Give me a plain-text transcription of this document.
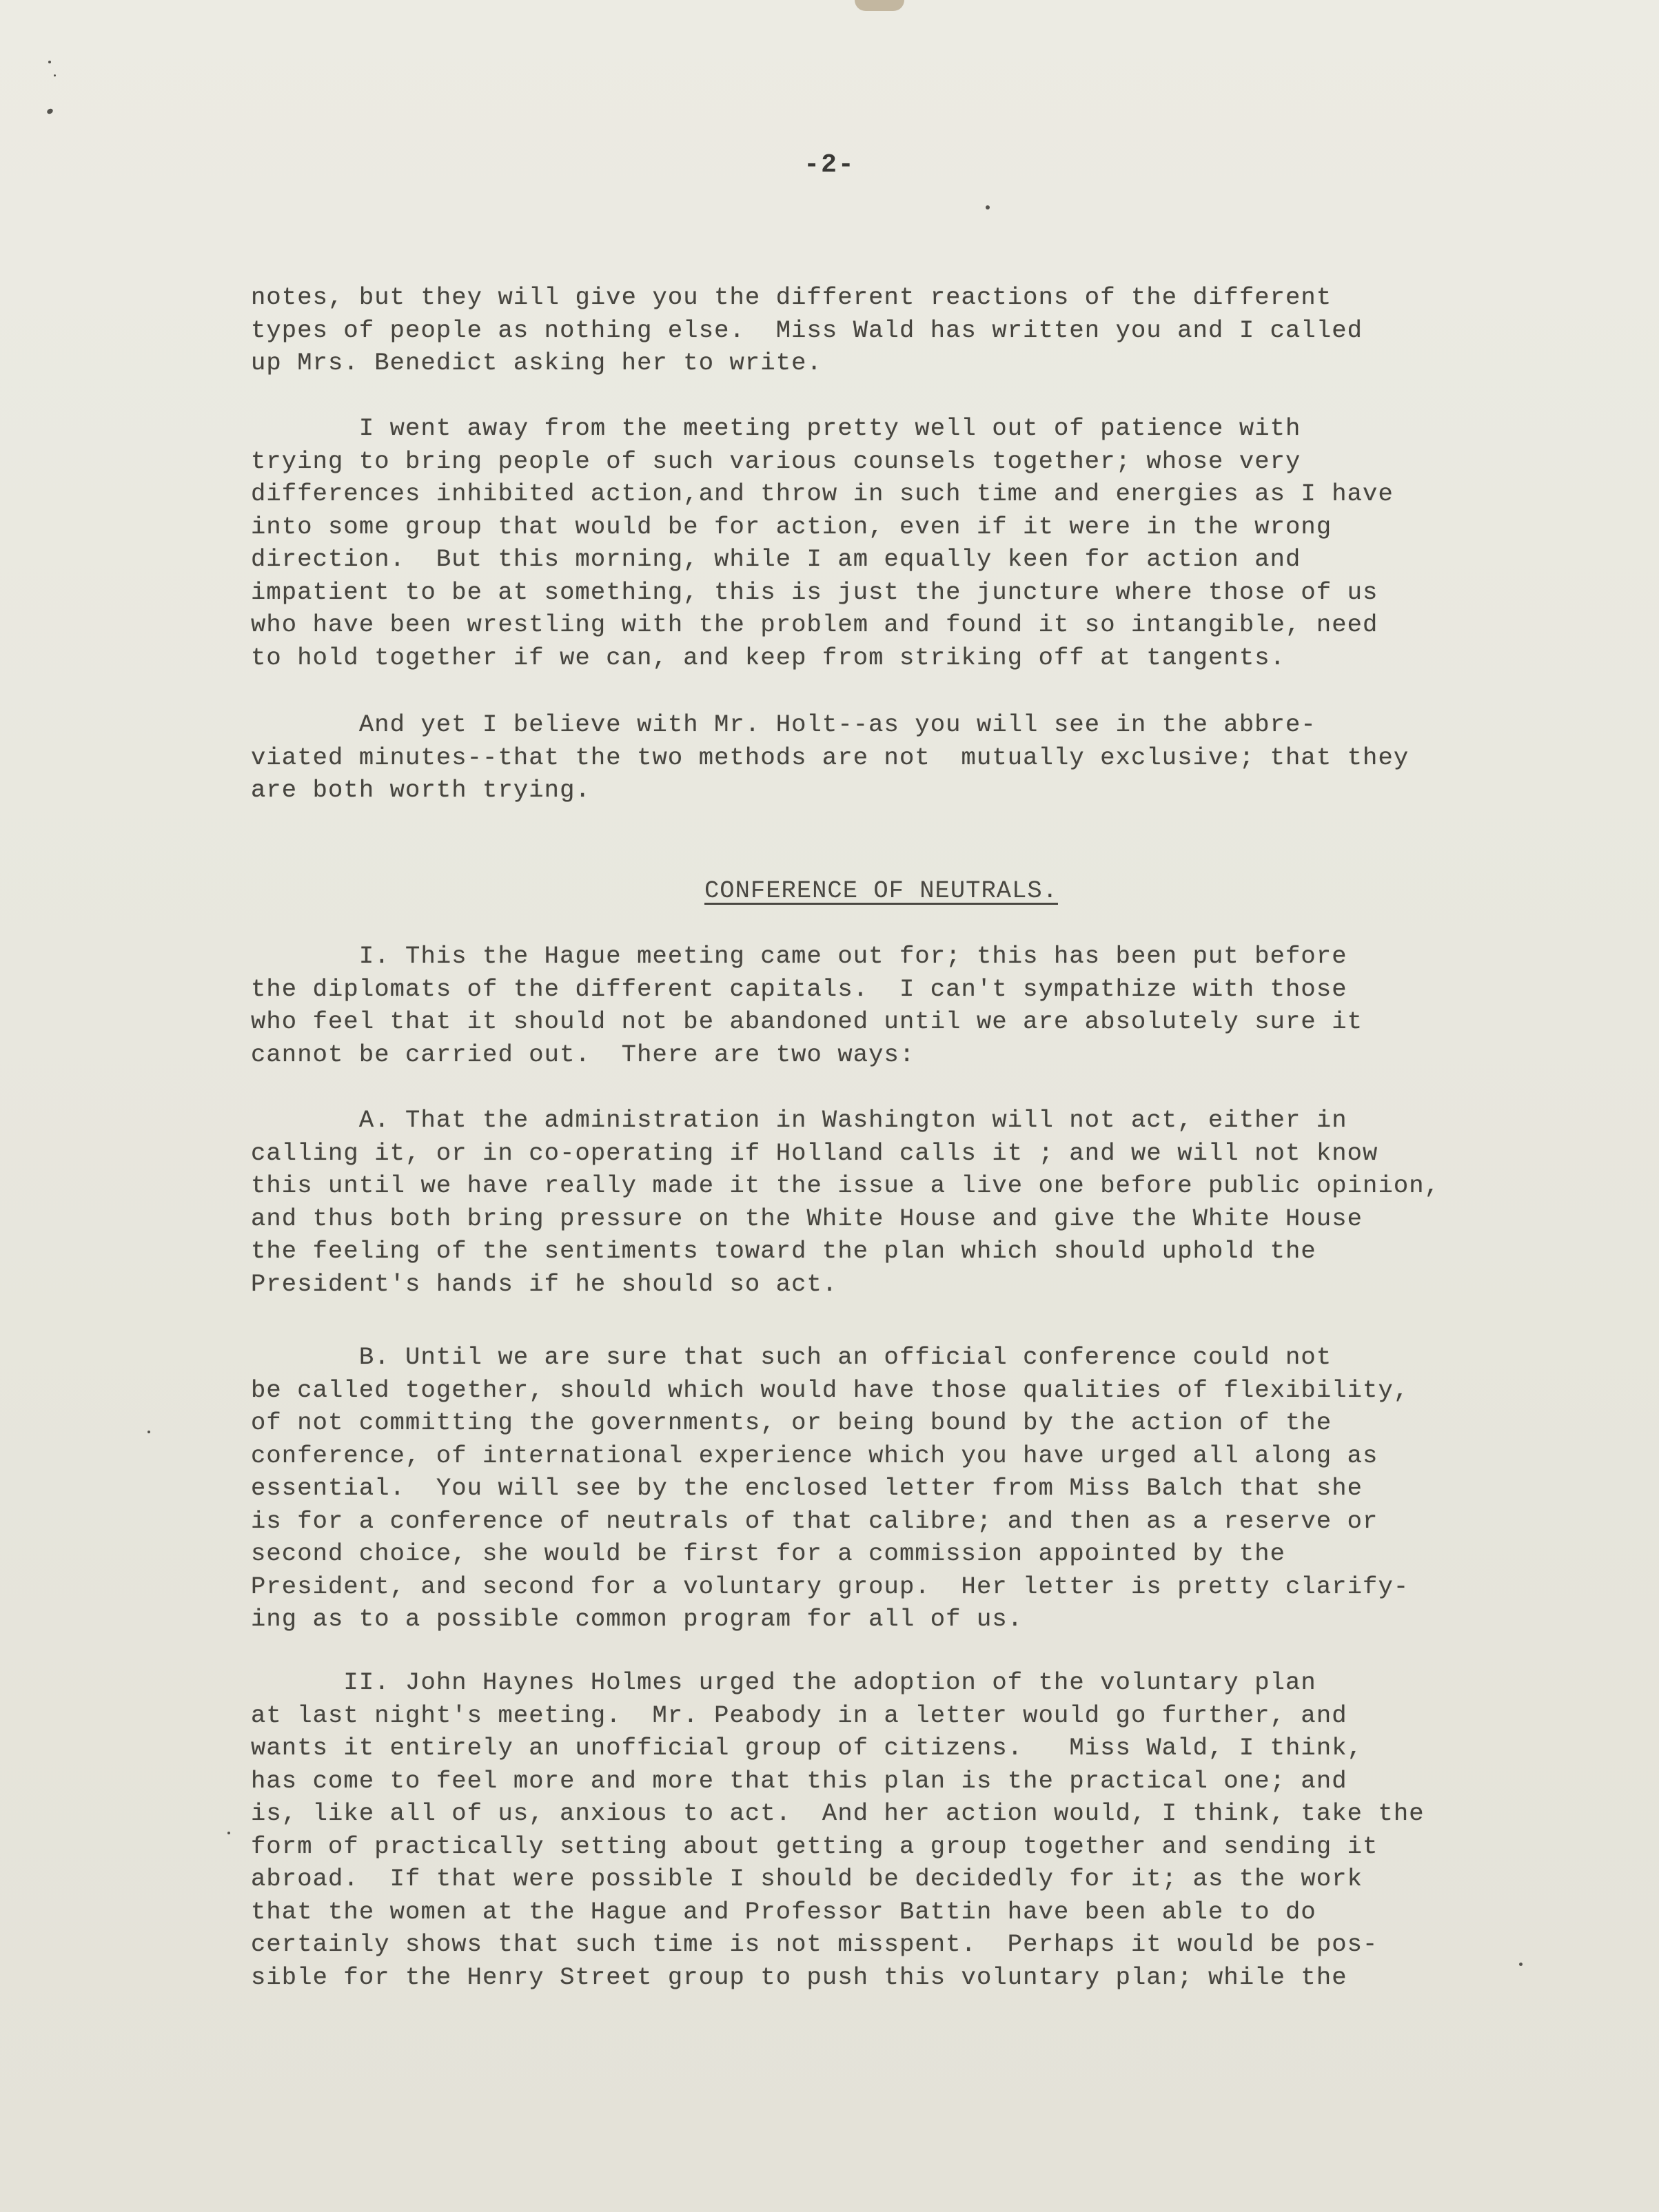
-2-
notes, but they will give you the different reactions of the different
types of people as nothing else.  Miss Wald has written you and I called
up Mrs. Benedict asking her to write.
I went away from the meeting pretty well out of patience with
trying to bring people of such various counsels together; whose very
differences inhibited action,and throw in such time and energies as I have
into some group that would be for action, even if it were in the wrong
direction.  But this morning, while I am equally keen for action and
impatient to be at something, this is just the juncture where those of us
who have been wrestling with the problem and found it so intangible, need
to hold together if we can, and keep from striking off at tangents.
And yet I believe with Mr. Holt--as you will see in the abbre-
viated minutes--that the two methods are not  mutually exclusive; that they
are both worth trying.
I. This the Hague meeting came out for; this has been put before
the diplomats of the different capitals.  I can't sympathize with those
who feel that it should not be abandoned until we are absolutely sure it
cannot be carried out.  There are two ways:
A. That the administration in Washington will not act, either in
calling it, or in co-operating if Holland calls it ; and we will not know
this until we have really made it the issue a live one before public opinion,
and thus both bring pressure on the White House and give the White House
the feeling of the sentiments toward the plan which should uphold the
President's hands if he should so act.
B. Until we are sure that such an official conference could not
be called together, should which would have those qualities of flexibility,
of not committing the governments, or being bound by the action of the
conference, of international experience which you have urged all along as
essential.  You will see by the enclosed letter from Miss Balch that she
is for a conference of neutrals of that calibre; and then as a reserve or
second choice, she would be first for a commission appointed by the
President, and second for a voluntary group.  Her letter is pretty clarify-
ing as to a possible common program for all of us.
II. John Haynes Holmes urged the adoption of the voluntary plan
at last night's meeting.  Mr. Peabody in a letter would go further, and
wants it entirely an unofficial group of citizens.   Miss Wald, I think,
has come to feel more and more that this plan is the practical one; and
is, like all of us, anxious to act.  And her action would, I think, take the
form of practically setting about getting a group together and sending it
abroad.  If that were possible I should be decidedly for it; as the work
that the women at the Hague and Professor Battin have been able to do
certainly shows that such time is not misspent.  Perhaps it would be pos-
sible for the Henry Street group to push this voluntary plan; while the
CONFERENCE OF NEUTRALS.
